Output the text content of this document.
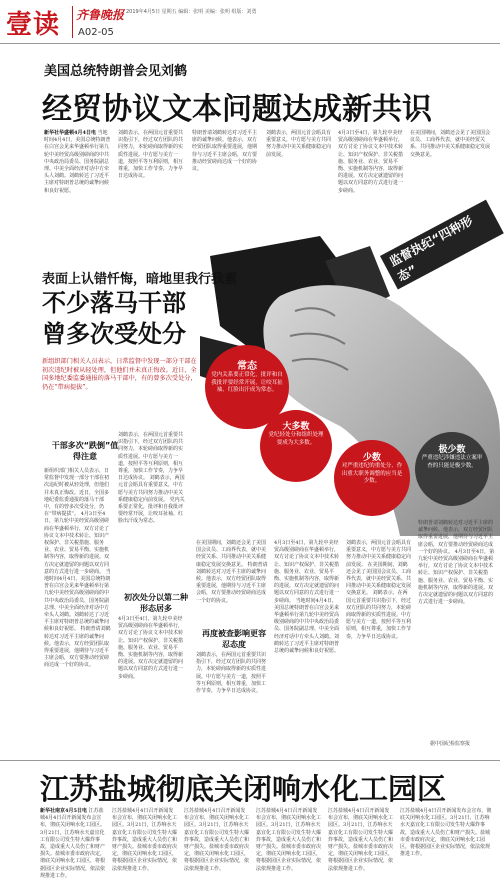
壹读 齐鲁晚报 2019年4月5日 星期五 编辑：张明 美编：张明 组版：刘勇
A02-05
美国总统特朗普会见刘鹤
经贸协议文本问题达成新共识
新华社华盛顿4月4日电 当地时间4月4日，美国总统特朗普在白宫会见来华盛顿举行第九轮中美经贸高级别磋商的中共中央政治局委员、国务院副总理、中美全面经济对话中方牵头人刘鹤。刘鹤转达了习近平主席对特朗普总统的诚挚问候和良好祝愿。
刘鹤表示，在两国元首重要共识指引下，经过双方团队的共同努力，本轮磋商取得新的实质性进展。中方愿与美方一道，按照平等互利原则，相互尊重，加快工作节奏，力争早日达成协议。
特朗普请刘鹤转达对习近平主席的诚挚问候。他表示，双方经贸团队取得重要进展，他期待与习近平主席会晤，双方要推动经贸磋商达成一个好的协议。
刘鹤表示，两国元首会晤具有重要意义，中方愿与美方共同努力推动中美关系健康稳定向前发展。
4月3日至4日，第九轮中美经贸高级别磋商在华盛顿举行，双方讨论了协议文本中技术转让、知识产权保护、非关税措施、服务业、农业、贸易平衡、实施机制等内容，取得新的进展。双方决定就遗留的问题以双方同意的方式进行进一步磋商。
在美国期间，刘鹤还会见了美国国会议员、工商界代表，就中美经贸关系、共同推动中美关系健康稳定发展交换意见。
监督执纪“四种形态”
表面上认错忏悔，暗地里我行我素
不少落马干部
曾多次受处分
新组织部门相关人员表示，日常监督中发现一部分干部在初次违纪时被从轻处理，但他们并未真正悔改。近日，全国多地纪委监委通报的落马干部中，有的曾多次受处分，仍在“带病提拔”。
常态
党内关系要正常化，批评和自我批评要经常开展，让咬耳扯袖、红脸出汗成为常态。
大多数
党纪轻处分和组织处理要成为大多数。
少数
对严重违纪的重处分、作出重大职务调整的应当是少数。
极少数
严重违纪涉嫌违法立案审查的只能是极少数。
干部多次“跌倒”值得注意
初次处分以第二种形态居多
再度被查影响更容忍态度
新组织部门相关人员表示，日常监督中发现一部分干部在初次违纪时被从轻处理，但他们并未真正悔改。近日，全国多地纪委监委通报的落马干部中，有的曾多次受处分，仍在“带病提拔”。 4月3日至4日，第九轮中美经贸高级别磋商在华盛顿举行，双方讨论了协议文本中技术转让、知识产权保护、非关税措施、服务业、农业、贸易平衡、实施机制等内容，取得新的进展。双方决定就遗留的问题以双方同意的方式进行进一步磋商。 当地时间4月4日，美国总统特朗普在白宫会见来华盛顿举行第九轮中美经贸高级别磋商的中共中央政治局委员、国务院副总理、中美全面经济对话中方牵头人刘鹤。刘鹤转达了习近平主席对特朗普总统的诚挚问候和良好祝愿。 特朗普请刘鹤转达对习近平主席的诚挚问候。他表示，双方经贸团队取得重要进展，他期待与习近平主席会晤，双方要推动经贸磋商达成一个好的协议。
刘鹤表示，在两国元首重要共识指引下，经过双方团队的共同努力，本轮磋商取得新的实质性进展。中方愿与美方一道，按照平等互利原则，相互尊重，加快工作节奏，力争早日达成协议。 刘鹤表示，两国元首会晤具有重要意义，中方愿与美方共同努力推动中美关系健康稳定向前发展。 党内关系要正常化，批评和自我批评要经常开展，让咬耳扯袖、红脸出汗成为常态。
4月3日至4日，第九轮中美经贸高级别磋商在华盛顿举行，双方讨论了协议文本中技术转让、知识产权保护、非关税措施、服务业、农业、贸易平衡、实施机制等内容，取得新的进展。双方决定就遗留的问题以双方同意的方式进行进一步磋商。
在美国期间，刘鹤还会见了美国国会议员、工商界代表，就中美经贸关系、共同推动中美关系健康稳定发展交换意见。 特朗普请刘鹤转达对习近平主席的诚挚问候。他表示，双方经贸团队取得重要进展，他期待与习近平主席会晤，双方要推动经贸磋商达成一个好的协议。
刘鹤表示，在两国元首重要共识指引下，经过双方团队的共同努力，本轮磋商取得新的实质性进展。中方愿与美方一道，按照平等互利原则，相互尊重，加快工作节奏，力争早日达成协议。
4月3日至4日，第九轮中美经贸高级别磋商在华盛顿举行，双方讨论了协议文本中技术转让、知识产权保护、非关税措施、服务业、农业、贸易平衡、实施机制等内容，取得新的进展。双方决定就遗留的问题以双方同意的方式进行进一步磋商。 当地时间4月4日，美国总统特朗普在白宫会见来华盛顿举行第九轮中美经贸高级别磋商的中共中央政治局委员、国务院副总理、中美全面经济对话中方牵头人刘鹤。刘鹤转达了习近平主席对特朗普总统的诚挚问候和良好祝愿。
刘鹤表示，两国元首会晤具有重要意义，中方愿与美方共同努力推动中美关系健康稳定向前发展。 在美国期间，刘鹤还会见了美国国会议员、工商界代表，就中美经贸关系、共同推动中美关系健康稳定发展交换意见。 刘鹤表示，在两国元首重要共识指引下，经过双方团队的共同努力，本轮磋商取得新的实质性进展。中方愿与美方一道，按照平等互利原则，相互尊重，加快工作节奏，力争早日达成协议。
特朗普请刘鹤转达对习近平主席的诚挚问候。他表示，双方经贸团队取得重要进展，他期待与习近平主席会晤，双方要推动经贸磋商达成一个好的协议。 4月3日至4日，第九轮中美经贸高级别磋商在华盛顿举行，双方讨论了协议文本中技术转让、知识产权保护、非关税措施、服务业、农业、贸易平衡、实施机制等内容，取得新的进展。双方决定就遗留的问题以双方同意的方式进行进一步磋商。
据中国纪检监察报
江苏盐城彻底关闭响水化工园区
新华社南京4月5日电 江苏盐城4月4日召开新闻发布会宣布，彻底关闭响水化工园区。3月21日，江苏响水天嘉宜化工有限公司发生特大爆炸事故，造成重大人员伤亡和财产损失。盐城市委市政府决定，彻底关闭响水化工园区，将根据园区企业实际情况，依法依规推进工作。
江苏盐城4月4日召开新闻发布会宣布，彻底关闭响水化工园区。3月21日，江苏响水天嘉宜化工有限公司发生特大爆炸事故，造成重大人员伤亡和财产损失。盐城市委市政府决定，彻底关闭响水化工园区，将根据园区企业实际情况，依法依规推进工作。
江苏盐城4月4日召开新闻发布会宣布，彻底关闭响水化工园区。3月21日，江苏响水天嘉宜化工有限公司发生特大爆炸事故，造成重大人员伤亡和财产损失。盐城市委市政府决定，彻底关闭响水化工园区，将根据园区企业实际情况，依法依规推进工作。
江苏盐城4月4日召开新闻发布会宣布，彻底关闭响水化工园区。3月21日，江苏响水天嘉宜化工有限公司发生特大爆炸事故，造成重大人员伤亡和财产损失。盐城市委市政府决定，彻底关闭响水化工园区，将根据园区企业实际情况，依法依规推进工作。
江苏盐城4月4日召开新闻发布会宣布，彻底关闭响水化工园区。3月21日，江苏响水天嘉宜化工有限公司发生特大爆炸事故，造成重大人员伤亡和财产损失。盐城市委市政府决定，彻底关闭响水化工园区，将根据园区企业实际情况，依法依规推进工作。
江苏盐城4月4日召开新闻发布会宣布，彻底关闭响水化工园区。3月21日，江苏响水天嘉宜化工有限公司发生特大爆炸事故，造成重大人员伤亡和财产损失。盐城市委市政府决定，彻底关闭响水化工园区，将根据园区企业实际情况，依法依规推进工作。
